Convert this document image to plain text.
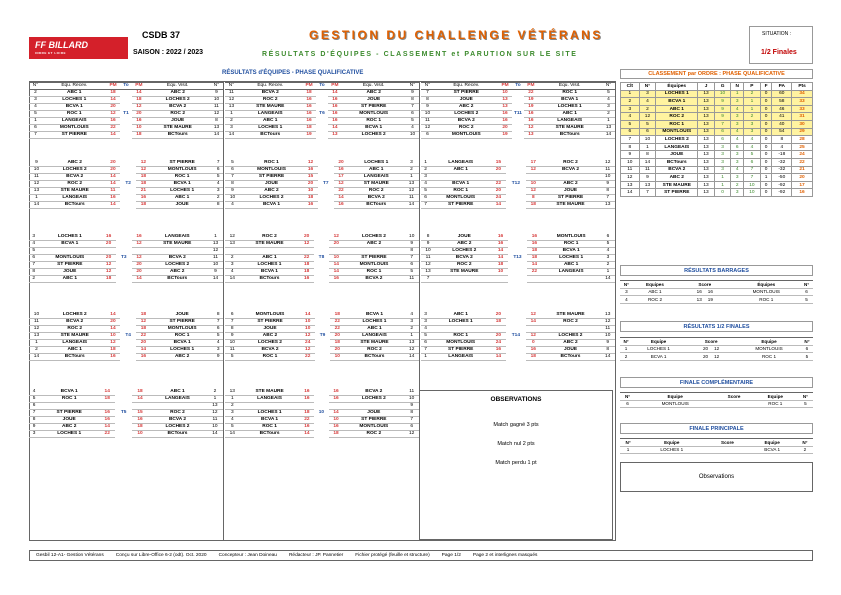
FF BILLARD
INDRE ET LOIRE
CSDB 37
SAISON : 2022 / 2023
GESTION DU CHALLENGE VÉTÉRANS
RÉSULTATS D'ÉQUIPES - CLASSEMENT et PARUTION SUR LE SITE
SITUATION :
1/2 Finales
RÉSULTATS d'ÉQUIPES - PHASE QUALIFICATIVE	CLASSEMENT par ORDRE : PHASE QUALIFICATIVE
N°	Équ. Recev.	PM	To	PM	Équ. Visit.	N°
2	ABC 1	18		14	ABC 2	9
3	LOCHES 1	14		18	LOCHES 2	10
4	BCVA 1	20		12	BCVA 2	11
5	ROC 1	12	T1	20	ROC 2	12
1	LANGEAIS	16		16	JOUE	8
6	MONTLOUIS	22		10	STE MAURE	13
7	ST PIERRE	14		18	BCTours	14
9	ABC 2	20		12	ST PIERRE	7
10	LOCHES 2	20		12	MONTLOUIS	6
11	BCVA 2	14		18	ROC 1	5
12	ROC 2	14	T2	18	BCVA 1	4
13	STE MAURE	11		21	LOCHES 1	3
1	LANGEAIS	16		16	ABC 1	2
14	BCTours	14		18	JOUE	8
3	LOCHES 1	16		16	LANGEAIS	1
4	BCVA 1	20		12	STE MAURE	13
5						12
6	MONTLOUIS	20	T3	12	BCVA 2	11
7	ST PIERRE	12		20	LOCHES 2	10
8	JOUE	12		20	ABC 2	9
2	ABC 1	18		14	BCTours	14
10	LOCHES 2	14		18	JOUE	8
11	BCVA 2	20		12	ST PIERRE	7
12	ROC 2	14		18	MONTLOUIS	6
13	STE MAURE	10	T4	22	ROC 1	5
1	LANGEAIS	12		20	BCVA 1	4
2	ABC 1	18		14	LOCHES 1	3
14	BCTours	16		16	ABC 2	9
4	BCVA 1	14		18	ABC 1	2
5	ROC 1	18		14	LANGEAIS	1
6						13
7	ST PIERRE	16	T5	15	ROC 2	12
8	JOUE	16		16	BCVA 2	11
9	ABC 2	14		18	LOCHES 2	10
3	LOCHES 1	22		10	BCTours	14
N°	Équ. Recev.	PM	To	PM	Équ. Visit.	N°
11	BCVA 2	18		14	ABC 2	9
12	ROC 2	16		16	JOUE	8
13	STE MAURE	16		16	ST PIERRE	7
1	LANGEAIS	16	T6	16	MONTLOUIS	6
2	ABC 1	16		16	ROC 1	5
3	LOCHES 1	18		14	BCVA 1	4
14	BCTours	19		13	LOCHES 2	10
5	ROC 1	12		20	LOCHES 1	3
6	MONTLOUIS	16		16	ABC 1	2
7	ST PIERRE	15		17	LANGEAIS	1
8	JOUE	20	T7	12	ST MAURE	13
9	ABC 2	10		22	ROC 2	12
10	LOCHES 2	18		14	BCVA 2	11
4	BCVA 1	16		16	BCTours	14
12	ROC 2	20		12	LOCHES 2	10
13	STE MAURE	12		20	ABC 2	9
						8
2	ABC 1	22	T8	10	ST PIERRE	7
3	LOCHES 1	18		14	MONTLOUIS	6
4	BCVA 1	18		14	ROC 1	5
14	BCTours	16		16	BCVA 2	11
6	MONTLOUIS	14		18	BCVA 1	4
7	ST PIERRE	10		22	LOCHES 1	3
8	JOUE	10		22	ABC 1	2
9	ABC 2	12	T9	20	LANGEAIS	1
10	LOCHES 2	24		18	STE MAURE	13
11	BCVA 2	12		20	ROC 2	12
5	ROC 1	22		10	BCTours	14
13	STE MAURE	16		16	BCVA 2	11
1	LANGEAIS	16		16	LOCHES 2	10
2						9
3	LOCHES 1	18	10	14	JOUE	8
4	BCVA 1	22		10	ST PIERRE	7
5	ROC 1	16		16	MONTLOUIS	6
14	BCTours	14		18	ROC 2	12
N°	Équ. Recev.	PM	To	PM	Équ. Visit.	N°
7	ST PIERRE	10		22	ROC 1	5
8	JOUE	13		19	BCVA 1	4
9	ABC 2	13		19	LOCHES 1	3
10	LOCHES 2	16	T11	16	ABC 1	2
11	BCVA 2	16		16	LANGEAIS	1
12	ROC 2	20		12	STE MAURE	13
6	MONTLOUIS	19		13	BCTours	14
1	LANGEAIS	15		17	ROC 2	12
2	ABC 1	20		12	BCVA 2	11
3						10
4	BCVA 1	22	T12	10	ABC 2	9
5	ROC 1	20		12	JOUE	8
6	MONTLOUIS	24		8	ST PIERRE	7
7	ST PIERRE	14		18	STE MAURE	13
8	JOUE	16		16	MONTLOUIS	6
9	ABC 2	16		16	ROC 1	5
10	LOCHES 2	14		18	BCVA 1	4
11	BCVA 2	14	T13	18	LOCHES 1	3
12	ROC 2	18		14	ABC 1	2
13	STE MAURE	10		22	LANGEAIS	1
7						14
3	ABC 1	20		12	STE MAURE	13
3	LOCHES 1	18		14	ROC 2	12
4						11
5	ROC 1	20	T14	12	LOCHES 2	10
6	MONTLOUIS	24		0	ABC 2	9
7	ST PIERRE	16		16	JOUE	8
1	LANGEAIS	14		18	BCTours	14
Clt	N°	Équipes	J	G	N	P	F	PA	Pts
1	3	LOCHES 1	13	10	1	2	0	60	34
2	4	BCVA 1	13	9	3	1	0	58	33
3	2	ABC 1	13	9	4	1	0	46	33
4	12	ROC 2	13	9	3	2	0	41	31
5	5	ROC 1	13	7	3	3	0	40	30
6	6	MONTLOUIS	13	6	4	3	0	54	29
7	10	LOCHES 2	13	6	4	4	0	8	28
8	1	LANGEAIS	13	3	6	4	0	4	25
9	8	JOUE	13	3	3	5	0	-18	24
10	14	BCTours	13	3	3	6	0	-32	22
11	11	BCVA 2	13	3	4	7	0	-32	21
12	9	ABC 2	13	1	3	7	1	-50	20
13	13	STE MAURE	13	1	2	10	0	-92	17
14	7	ST PIERRE	13	0	3	10	0	-92	16
RÉSULTATS BARRAGES
N°	Equipes	Score	Équipes	N°
3	ABC 1	16 16	MONTLOUIS	6
4	ROC 2	13 19	ROC 1	5
RÉSULTATS 1/2 FINALES
N°	Equipe	Score	Equipe	N°
1	LOCHES 1	20 12	MONTLOUIS	6
2	BCVA 1	20 12	ROC 1	5
FINALE COMPLÉMENTAIRE
N°	Equipe	Score	Equipe	N°
6	MONTLOUIS		ROC 1	5
FINALE PRINCIPALE
N°	Equipe	Score	Equipe	N°
1	LOCHES 1		BCVA 1	2
OBSERVATIONS
Match gagné 3 pts
Match nul 2 pts
Match perdu 1 pt
Observations
Gesbil 12-A1- Gestion Vétérans	Conçu sur Libre-Office 6-2 (odt). Oct. 2020	Concepteur : Jean Doineau	Rédacteur : JP. Pannetier	Fichier protégé (feuille et structure)	Page 1/2	Page 2 et interlignes masqués
